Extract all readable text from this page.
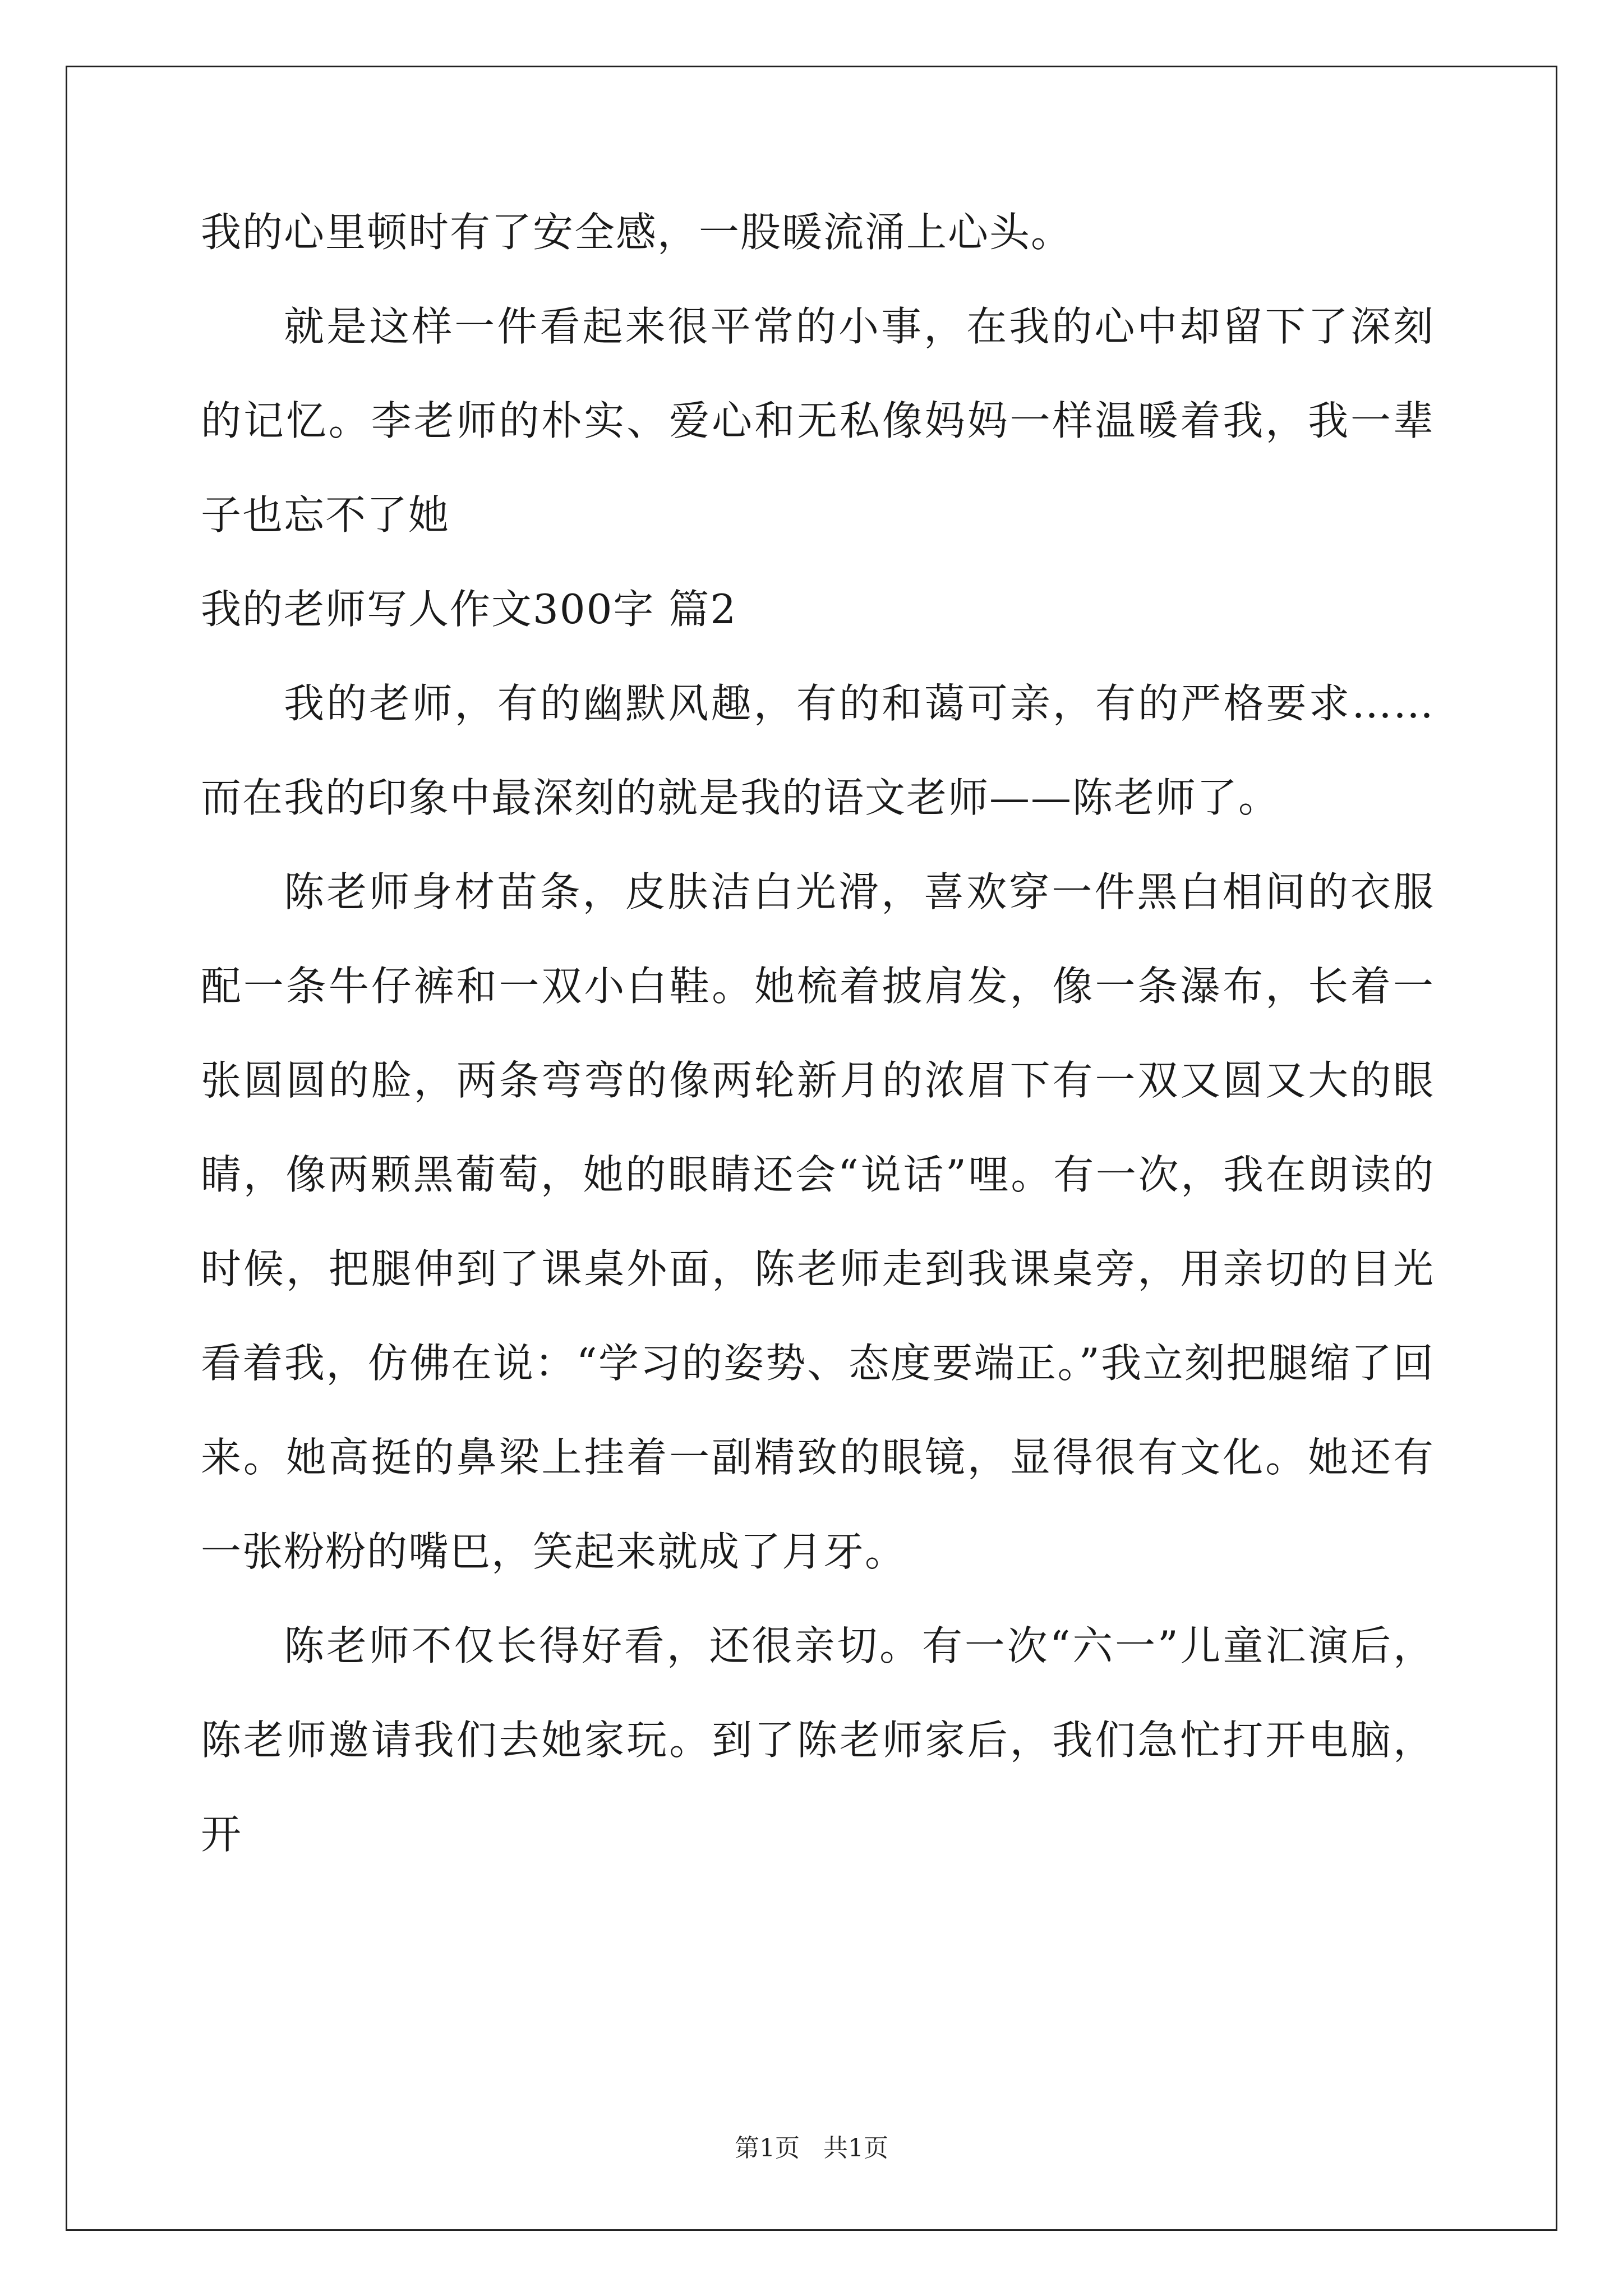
我的心里顿时有了安全感，一股暖流涌上心头。

就是这样一件看起来很平常的小事，在我的心中却留下了深刻的记忆。李老师的朴实、爱心和无私像妈妈一样温暖着我，我一辈子也忘不了她

我的老师写人作文300字 篇2

我的老师，有的幽默风趣，有的和蔼可亲，有的严格要求……而在我的印象中最深刻的就是我的语文老师——陈老师了。

陈老师身材苗条，皮肤洁白光滑，喜欢穿一件黑白相间的衣服配一条牛仔裤和一双小白鞋。她梳着披肩发，像一条瀑布，长着一张圆圆的脸，两条弯弯的像两轮新月的浓眉下有一双又圆又大的眼睛，像两颗黑葡萄，她的眼睛还会“说话”哩。有一次，我在朗读的时候，把腿伸到了课桌外面，陈老师走到我课桌旁，用亲切的目光看着我，仿佛在说：“学习的姿势、态度要端正。”我立刻把腿缩了回来。她高挺的鼻梁上挂着一副精致的眼镜，显得很有文化。她还有一张粉粉的嘴巴，笑起来就成了月牙。

陈老师不仅长得好看，还很亲切。有一次“六一”儿童汇演后，陈老师邀请我们去她家玩。到了陈老师家后，我们急忙打开电脑，开

第1页 共1页
